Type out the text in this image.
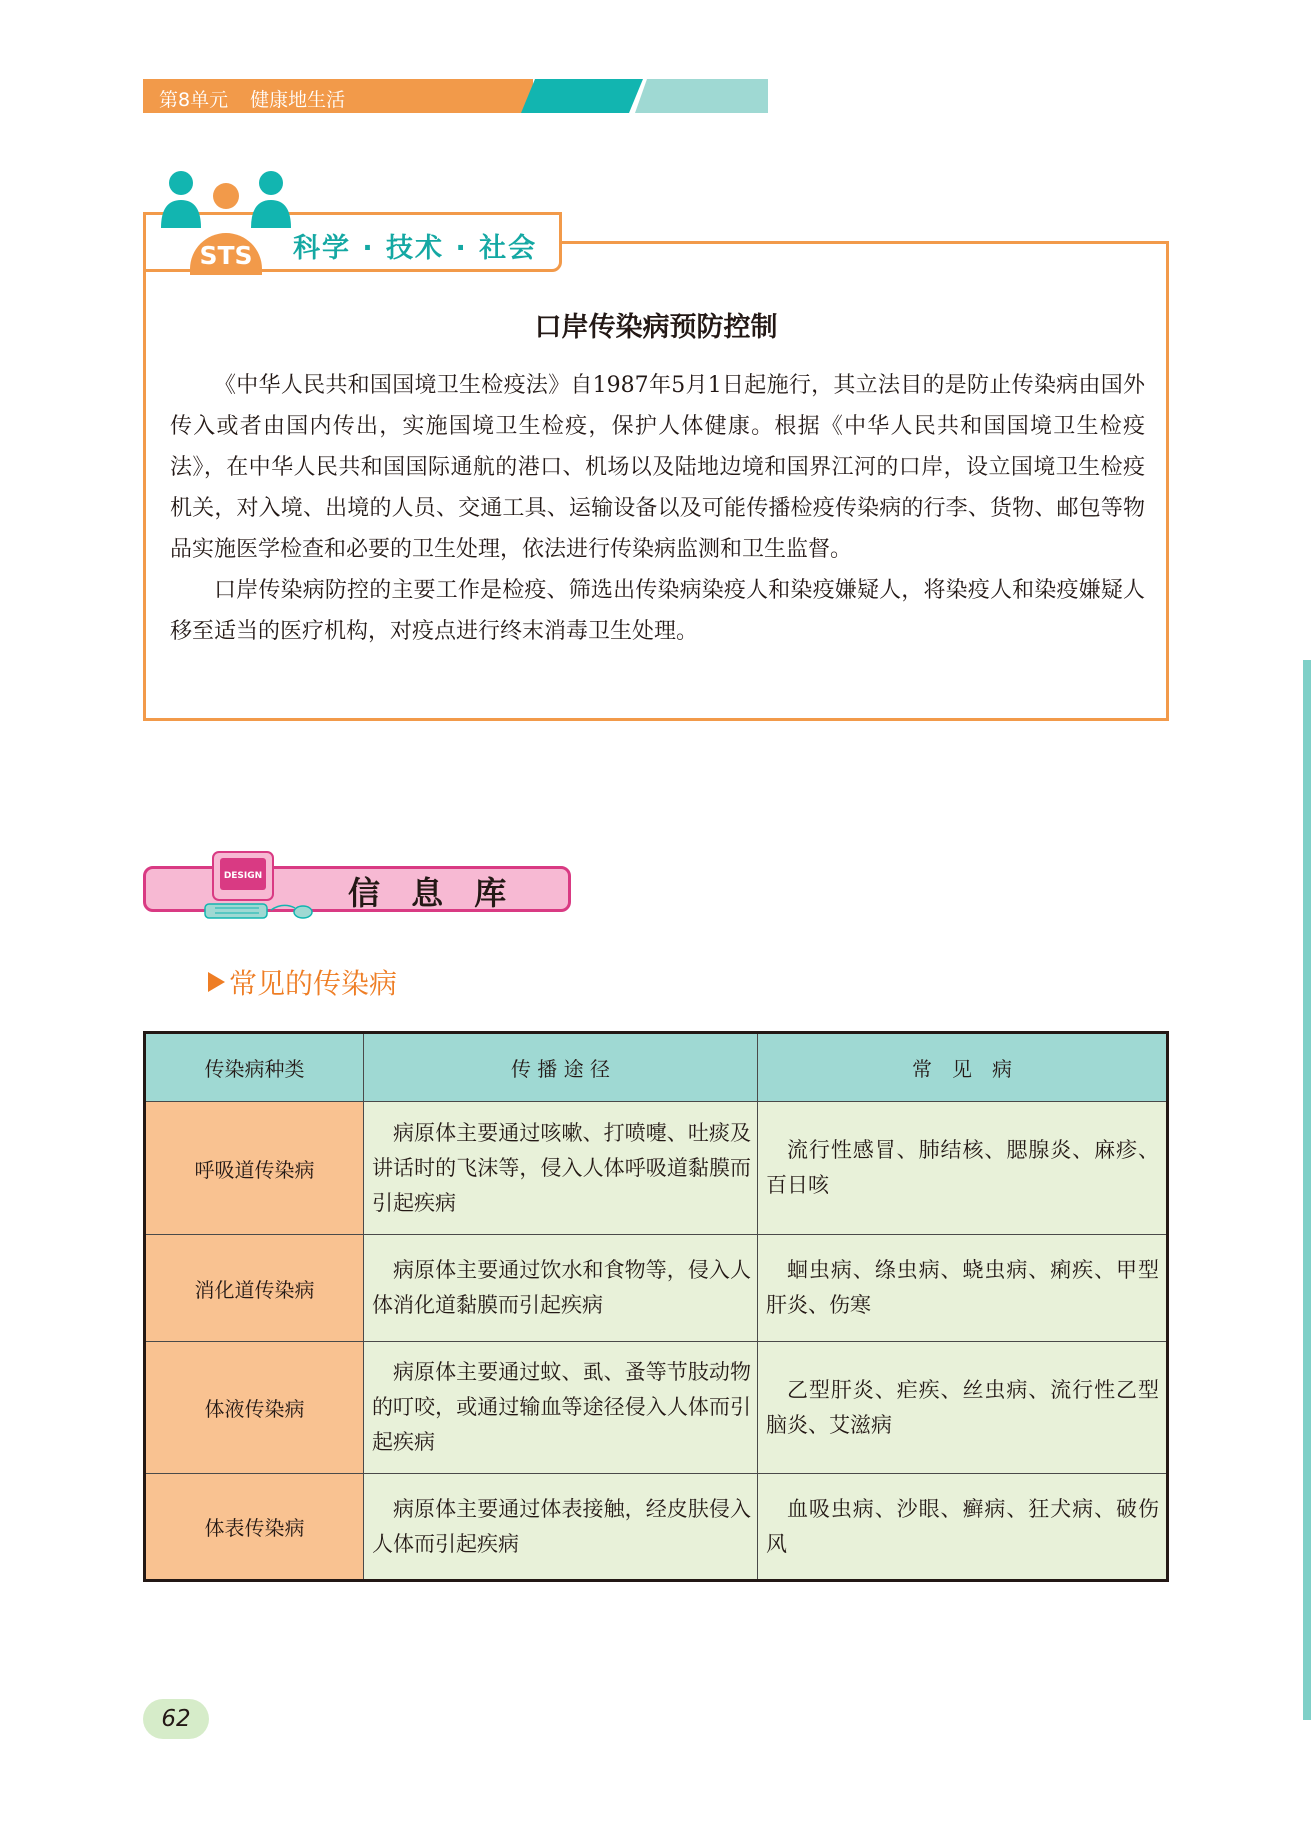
第8单元 健康地生活
STS	科学 · 技术 · 社会
口岸传染病预防控制

《中华人民共和国国境卫生检疫法》自1987年5月1日起施行，其立法目的是防止传染病由国外传入或者由国内传出，实施国境卫生检疫，保护人体健康。根据《中华人民共和国国境卫生检疫法》，在中华人民共和国国际通航的港口、机场以及陆地边境和国界江河的口岸，设立国境卫生检疫机关，对入境、出境的人员、交通工具、运输设备以及可能传播检疫传染病的行李、货物、邮包等物品实施医学检查和必要的卫生处理，依法进行传染病监测和卫生监督。

口岸传染病防控的主要工作是检疫、筛选出传染病染疫人和染疫嫌疑人，将染疫人和染疫嫌疑人移至适当的医疗机构，对疫点进行终末消毒卫生处理。

DESIGN	信 息 库
常见的传染病
传染病种类	传 播 途 径	常　见　病
呼吸道传染病	病原体主要通过咳嗽、打喷嚏、吐痰及讲话时的飞沫等，侵入人体呼吸道黏膜而引起疾病	流行性感冒、肺结核、腮腺炎、麻疹、百日咳

消化道传染病	病原体主要通过饮水和食物等，侵入人体消化道黏膜而引起疾病	蛔虫病、绦虫病、蛲虫病、痢疾、甲型肝炎、伤寒

体液传染病	病原体主要通过蚊、虱、蚤等节肢动物的叮咬，或通过输血等途径侵入人体而引起疾病	乙型肝炎、疟疾、丝虫病、流行性乙型脑炎、艾滋病

体表传染病	病原体主要通过体表接触，经皮肤侵入人体而引起疾病	血吸虫病、沙眼、癣病、狂犬病、破伤风
62
